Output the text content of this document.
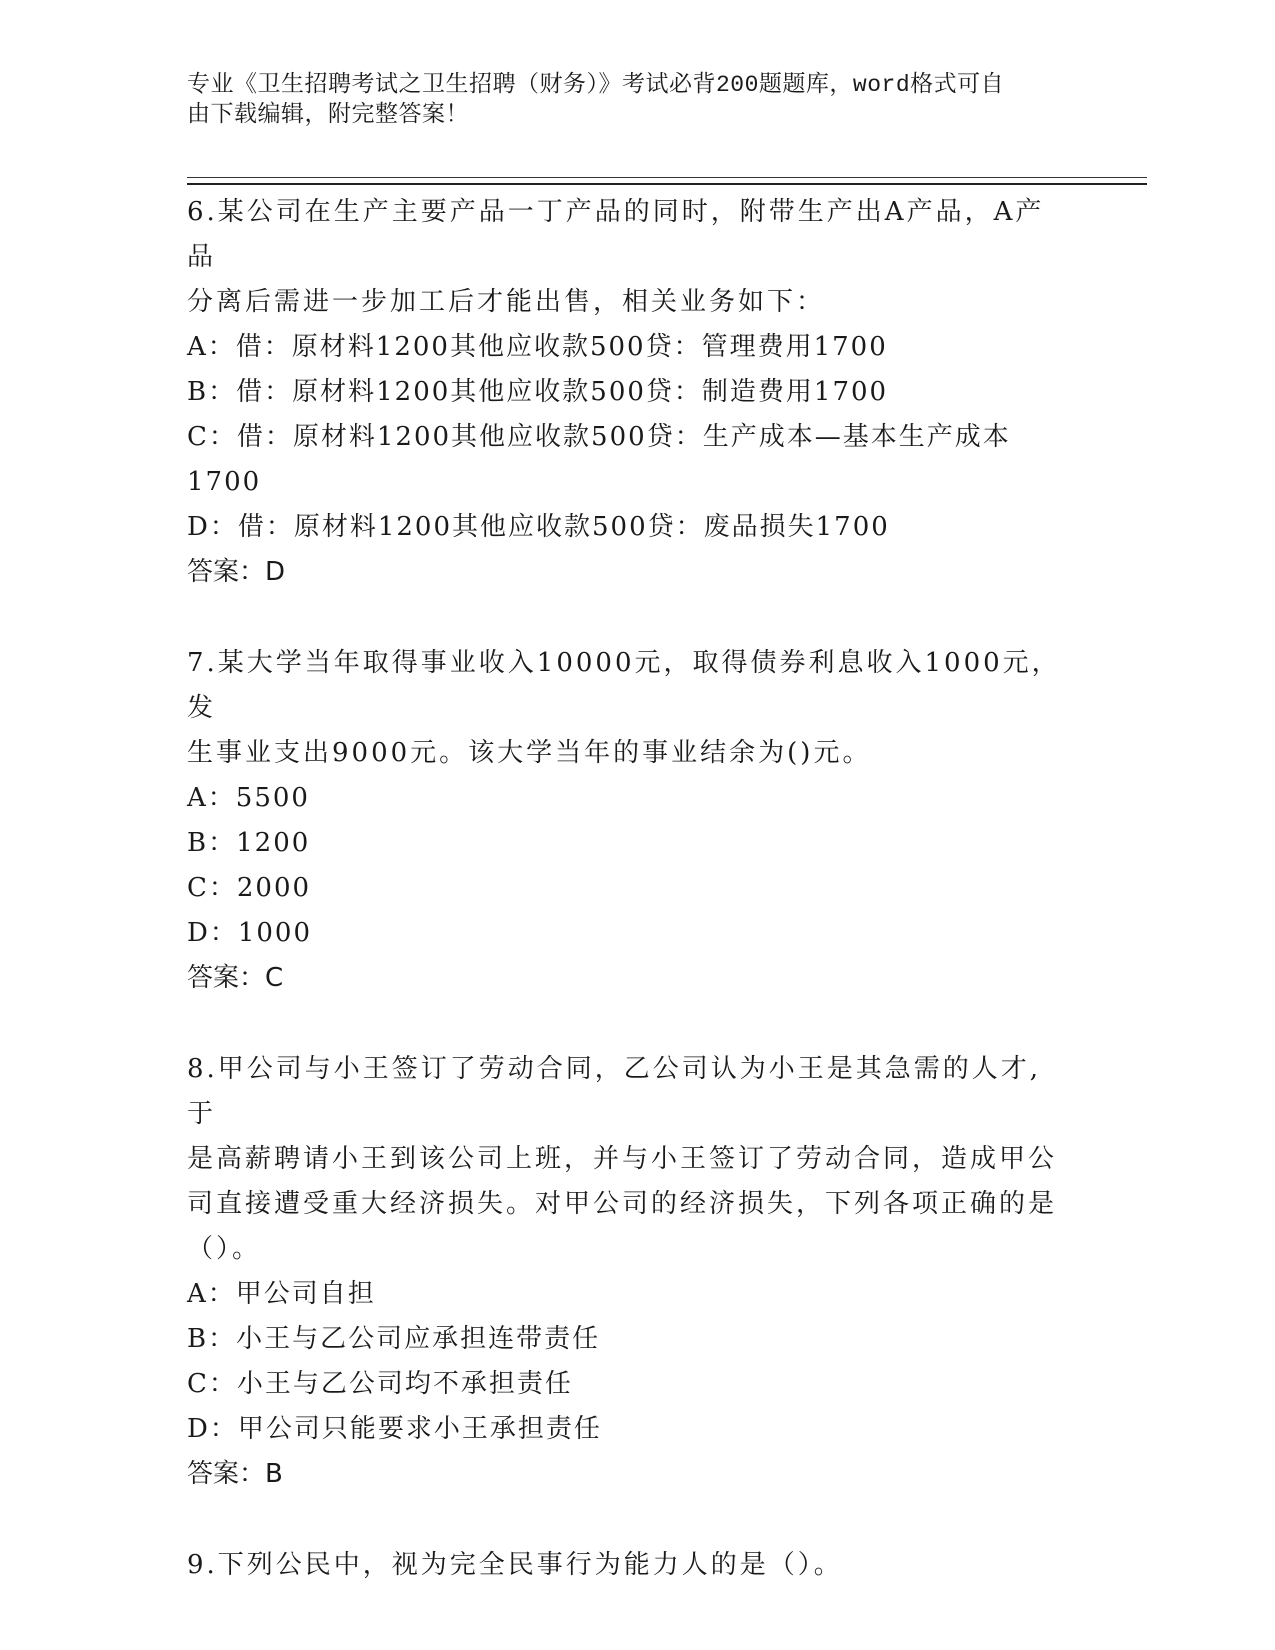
专业《卫生招聘考试之卫生招聘（财务）》考试必背200题题库，word格式可自
由下载编辑，附完整答案！
6.某公司在生产主要产品一丁产品的同时，附带生产出A产品，A产品
分离后需进一步加工后才能出售，相关业务如下：
A：借：原材料1200其他应收款500贷：管理费用1700
B：借：原材料1200其他应收款500贷：制造费用1700
C：借：原材料1200其他应收款500贷：生产成本—基本生产成本
1700
D：借：原材料1200其他应收款500贷：废品损失1700
答案：D
7.某大学当年取得事业收入10000元，取得债券利息收入1000元，发
生事业支出9000元。该大学当年的事业结余为()元。
A：5500
B：1200
C：2000
D：1000
答案：C
8.甲公司与小王签订了劳动合同，乙公司认为小王是其急需的人才,于
是高薪聘请小王到该公司上班，并与小王签订了劳动合同，造成甲公
司直接遭受重大经济损失。对甲公司的经济损失，下列各项正确的是
（）。
A：甲公司自担
B：小王与乙公司应承担连带责任
C：小王与乙公司均不承担责任
D：甲公司只能要求小王承担责任
答案：B
9.下列公民中，视为完全民事行为能力人的是（）。
